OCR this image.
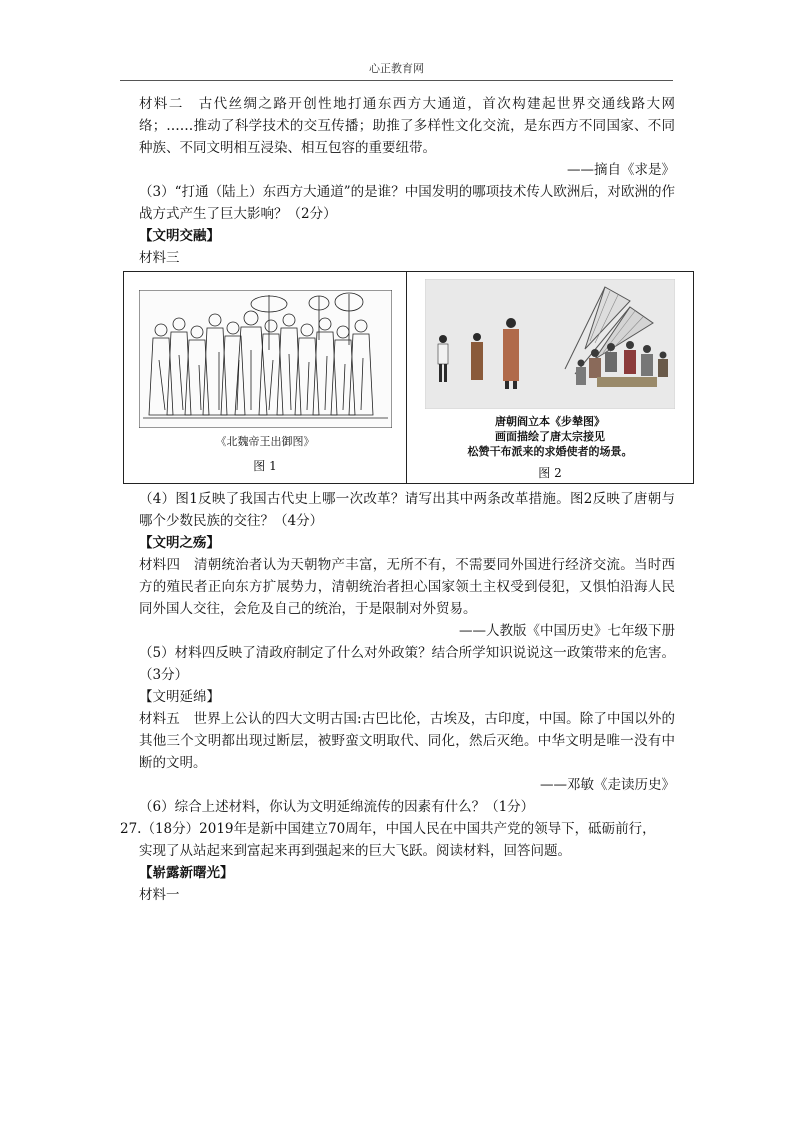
心正教育网

材料二　古代丝绸之路开创性地打通东西方大通道，首次构建起世界交通线路大网络；……推动了科学技术的交互传播；助推了多样性文化交流，是东西方不同国家、不同种族、不同文明相互浸染、相互包容的重要纽带。

——摘自《求是》

（3）“打通（陆上）东西方大通道”的是谁？中国发明的哪项技术传人欧洲后，对欧洲的作战方式产生了巨大影响？（2分）

【文明交融】

材料三

《北魏帝王出御图》
图 1
唐朝阎立本《步辇图》
画面描绘了唐太宗接见
松赞干布派来的求婚使者的场景。
图 2

（4）图1反映了我国古代史上哪一次改革？请写出其中两条改革措施。图2反映了唐朝与哪个少数民族的交往？（4分）

【文明之殇】

材料四　清朝统治者认为天朝物产丰富，无所不有，不需要同外国进行经济交流。当时西方的殖民者正向东方扩展势力，清朝统治者担心国家领土主权受到侵犯，又惧怕沿海人民同外国人交往，会危及自己的统治，于是限制对外贸易。

——人教版《中国历史》七年级下册

（5）材料四反映了清政府制定了什么对外政策？结合所学知识说说这一政策带来的危害。（3分）

【文明延绵】

材料五　世界上公认的四大文明古国:古巴比伦，古埃及，古印度，中国。除了中国以外的其他三个文明都出现过断层，被野蛮文明取代、同化，然后灭绝。中华文明是唯一没有中断的文明。

——邓敏《走读历史》

（6）综合上述材料，你认为文明延绵流传的因素有什么？（1分）

27.（18分）2019年是新中国建立70周年，中国人民在中国共产党的领导下，砥砺前行，

实现了从站起来到富起来再到强起来的巨大飞跃。阅读材料，回答问题。

【崭露新曙光】

材料一
